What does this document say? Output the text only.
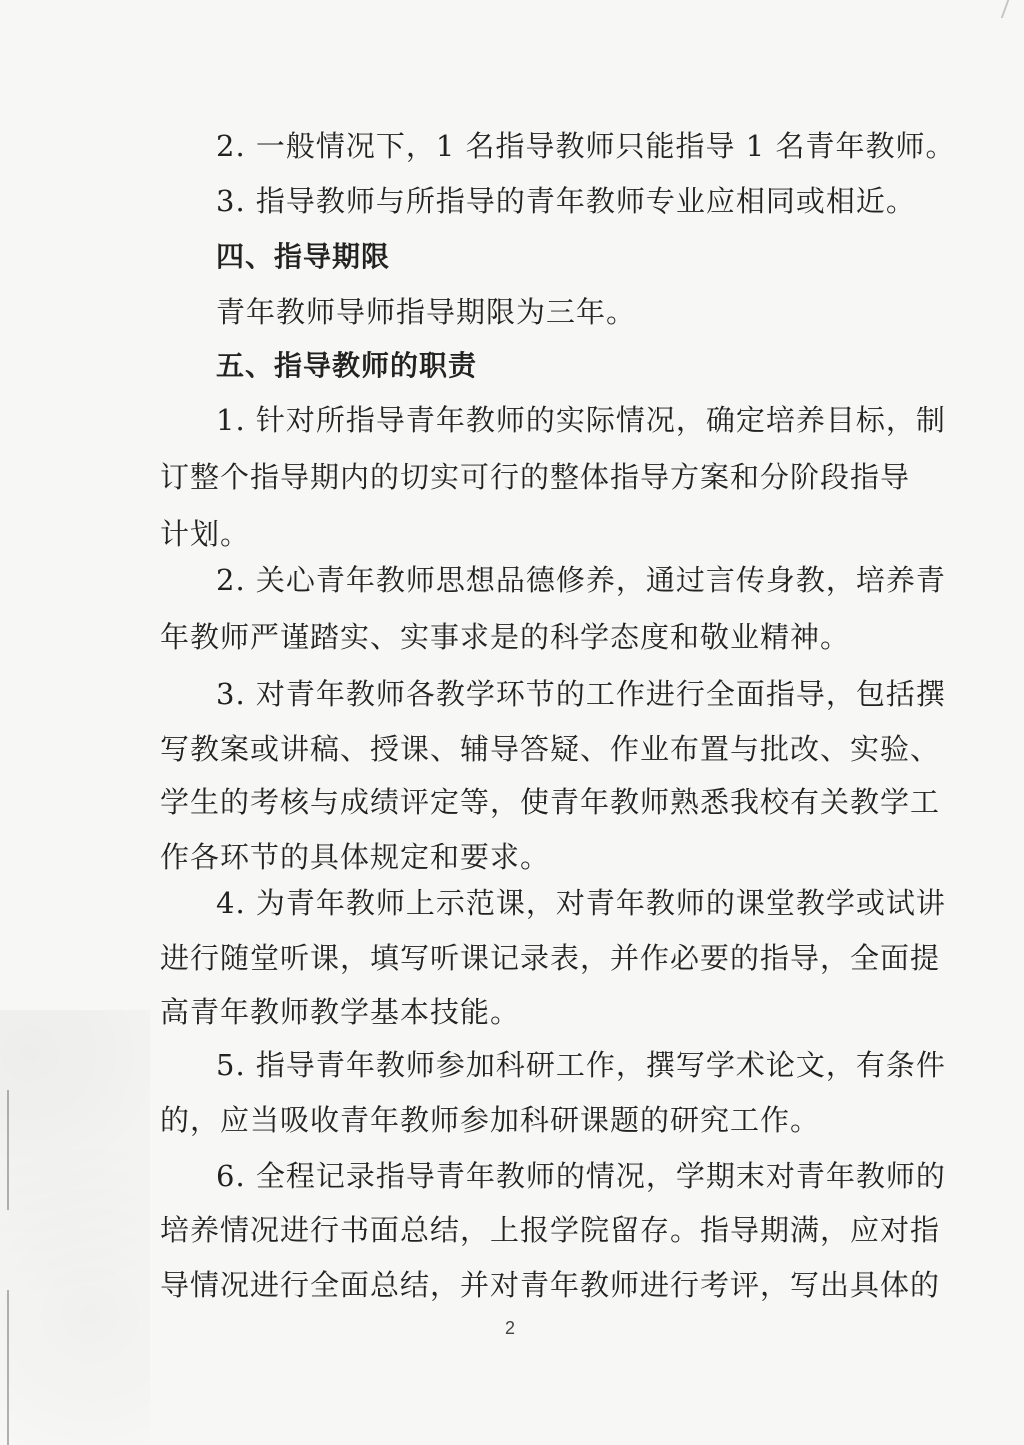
2. 一般情况下，1 名指导教师只能指导 1 名青年教师。
3. 指导教师与所指导的青年教师专业应相同或相近。
四、指导期限
青年教师导师指导期限为三年。
五、指导教师的职责
1. 针对所指导青年教师的实际情况，确定培养目标，制
订整个指导期内的切实可行的整体指导方案和分阶段指导
计划。
2. 关心青年教师思想品德修养，通过言传身教，培养青
年教师严谨踏实、实事求是的科学态度和敬业精神。
3. 对青年教师各教学环节的工作进行全面指导，包括撰
写教案或讲稿、授课、辅导答疑、作业布置与批改、实验、
学生的考核与成绩评定等，使青年教师熟悉我校有关教学工
作各环节的具体规定和要求。
4. 为青年教师上示范课，对青年教师的课堂教学或试讲
进行随堂听课，填写听课记录表，并作必要的指导，全面提
高青年教师教学基本技能。
5. 指导青年教师参加科研工作，撰写学术论文，有条件
的，应当吸收青年教师参加科研课题的研究工作。
6. 全程记录指导青年教师的情况，学期末对青年教师的
培养情况进行书面总结，上报学院留存。指导期满，应对指
导情况进行全面总结，并对青年教师进行考评，写出具体的
2
